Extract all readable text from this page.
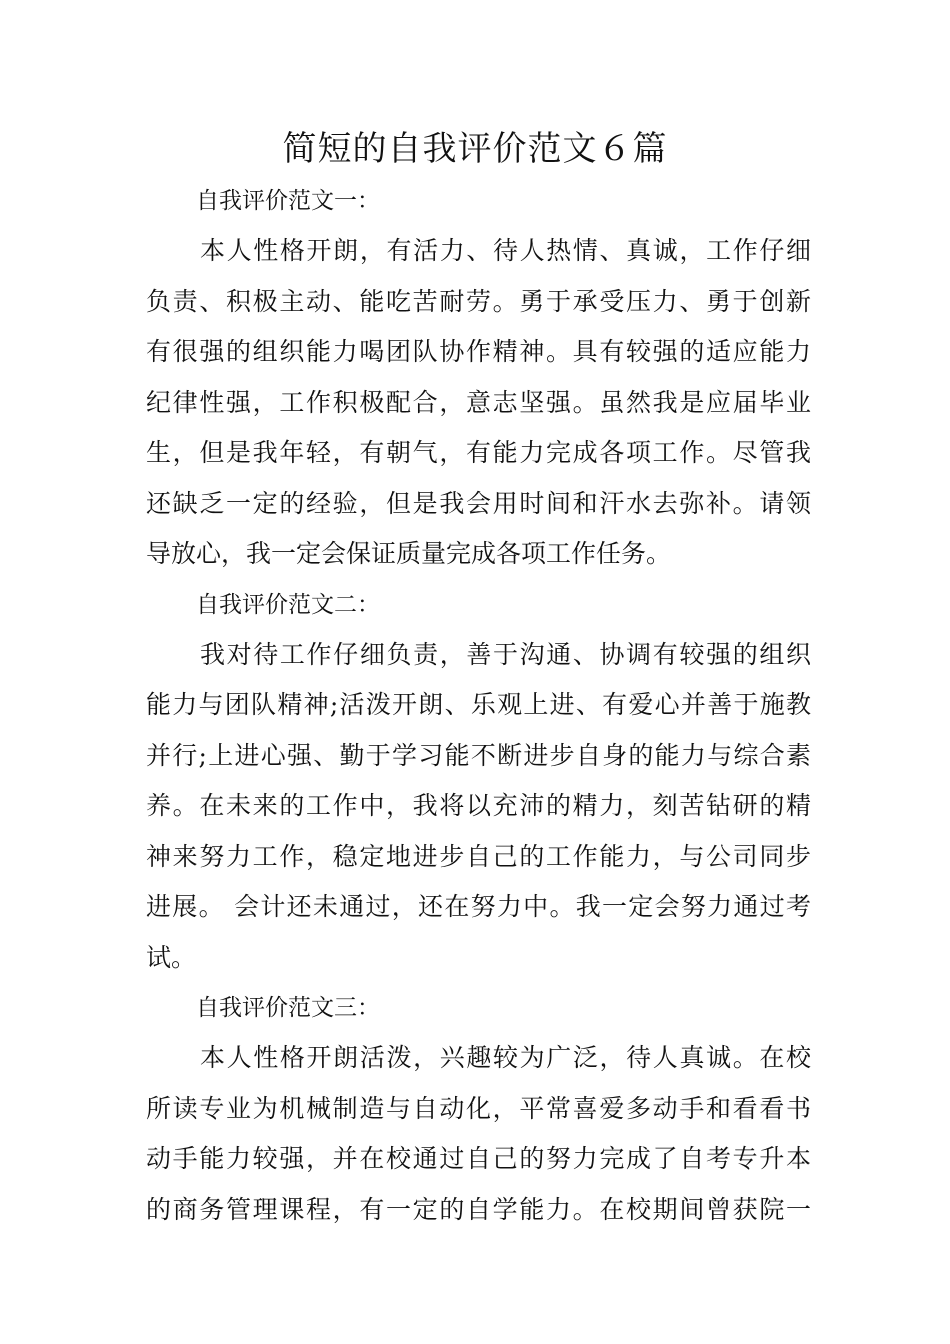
简短的自我评价范文６篇

自我评价范文一：

本人性格开朗，有活力、待人热情、真诚，工作仔细
负责、积极主动、能吃苦耐劳。勇于承受压力、勇于创新
有很强的组织能力喝团队协作精神。具有较强的适应能力
纪律性强，工作积极配合，意志坚强。虽然我是应届毕业
生，但是我年轻，有朝气，有能力完成各项工作。尽管我
还缺乏一定的经验，但是我会用时间和汗水去弥补。请领
导放心，我一定会保证质量完成各项工作任务。

自我评价范文二：

我对待工作仔细负责，善于沟通、协调有较强的组织
能力与团队精神;活泼开朗、乐观上进、有爱心并善于施教
并行;上进心强、勤于学习能不断进步自身的能力与综合素
养。在未来的工作中，我将以充沛的精力，刻苦钻研的精
神来努力工作，稳定地进步自己的工作能力，与公司同步
进展。 会计还未通过，还在努力中。我一定会努力通过考
试。

自我评价范文三：

本人性格开朗活泼，兴趣较为广泛，待人真诚。在校
所读专业为机械制造与自动化，平常喜爱多动手和看看书
动手能力较强，并在校通过自己的努力完成了自考专升本
的商务管理课程，有一定的自学能力。在校期间曾获院一
